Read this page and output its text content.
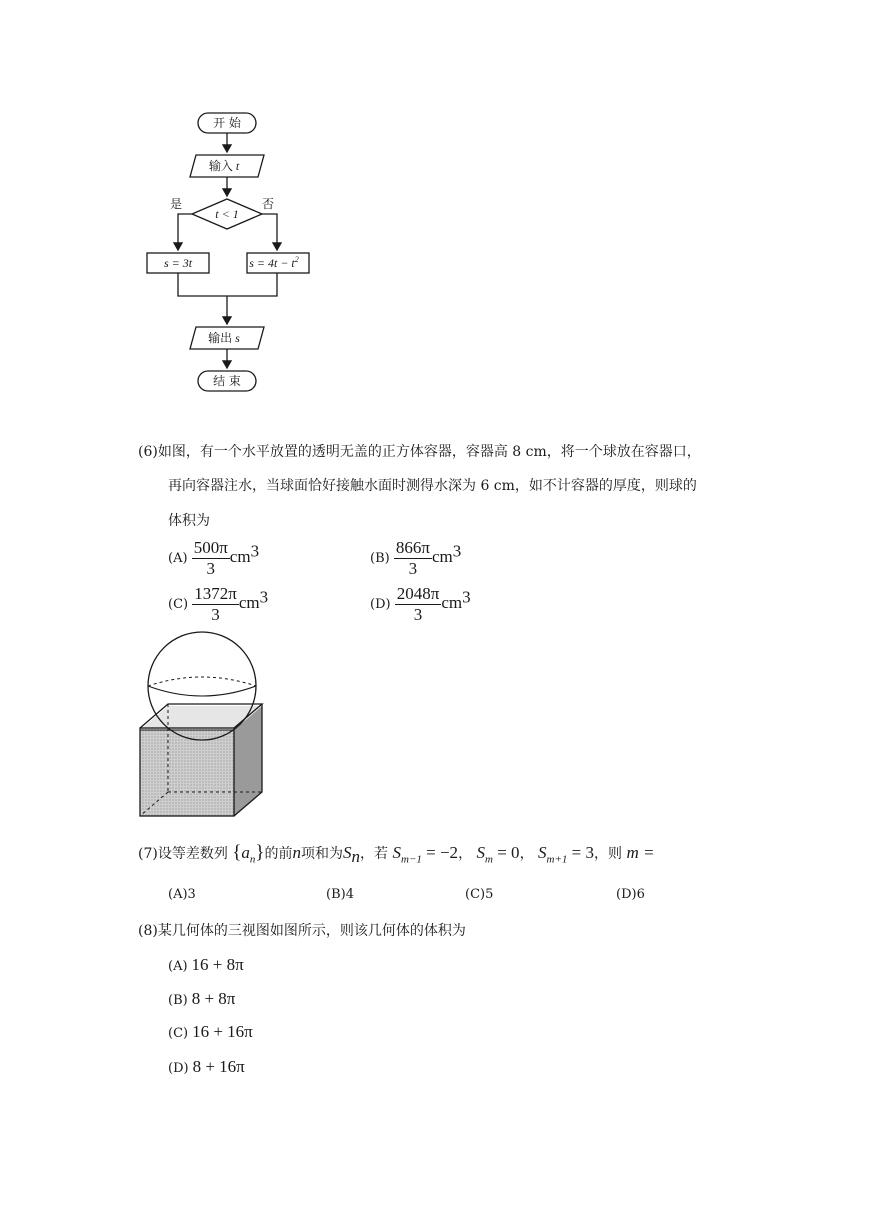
开 始
输入 t
t < 1
是	否
s = 3t	$s = 4t - t^2$
输出 s
结 束
(6)如图，有一个水平放置的透明无盖的正方体容器，容器高 8 cm，将一个球放在容器口，
再向容器注水，当球面恰好接触水面时测得水深为 6 cm，如不计容器的厚度，则球的
体积为
$(A) \frac{500\pi}{3} cm^3$	$(B) \frac{866\pi}{3} cm^3$
$(C) \frac{1372\pi}{3} cm^3$	$(D) \frac{2048\pi}{3} cm^3$
(7)设等差数列 $\{a_n\}$的前n项和为$S_n$，若 $S_{m-1} = -2$， $S_m = 0$， $S_{m+1} = 3$，则 m =
(A)3	(B)4	(C)5	(D)6
(8)某几何体的三视图如图所示，则该几何体的体积为
(A) 16 + 8π
(B) 8 + 8π
(C) 16 + 16π
(D) 8 + 16π
